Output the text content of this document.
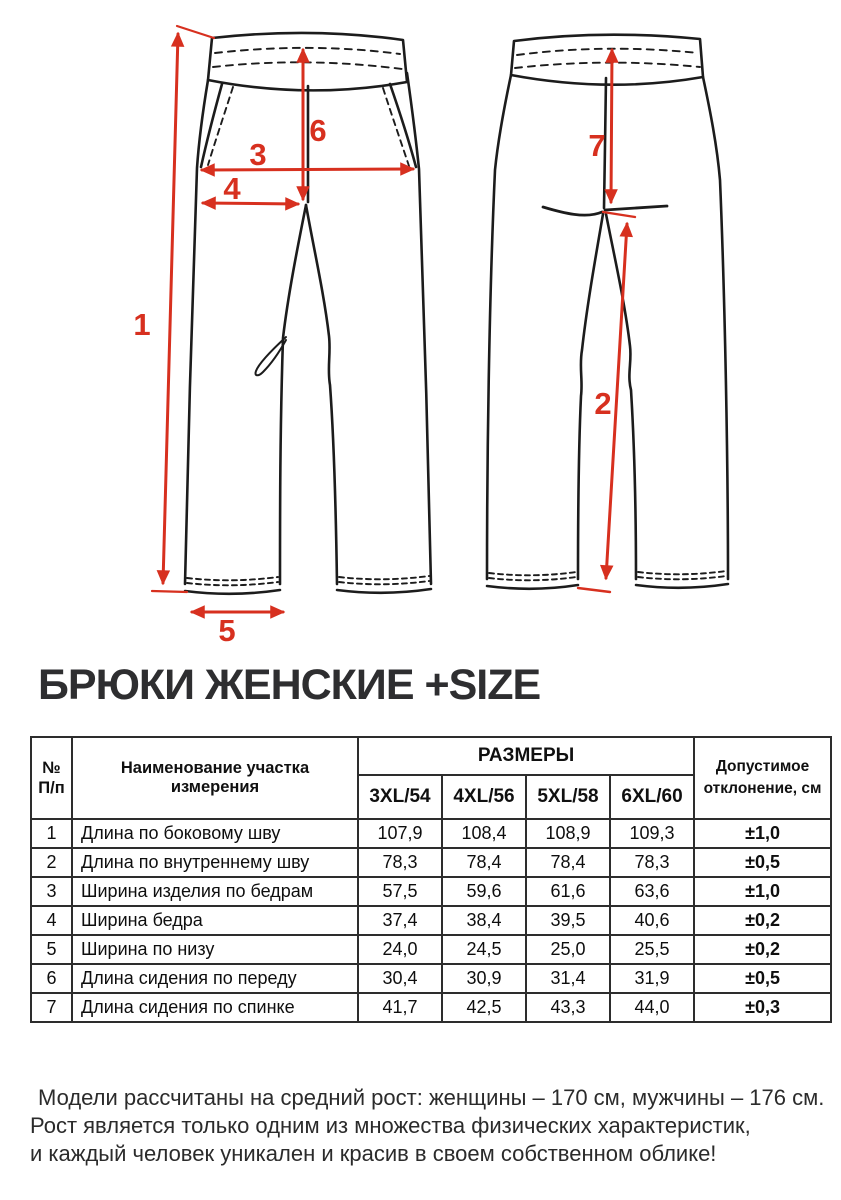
1
2
3
4
5
6	7
БРЮКИ ЖЕНСКИЕ +SIZE
№ П/п	Наименование участка измерения	РАЗМЕРЫ				Допустимое отклонение, см
		3XL/54	4XL/56	5XL/58	6XL/60	
1	Длина по боковому шву	107,9	108,4	108,9	109,3	±1,0
2	Длина по внутреннему шву	78,3	78,4	78,4	78,3	±0,5
3	Ширина изделия по бедрам	57,5	59,6	61,6	63,6	±1,0
4	Ширина бедра	37,4	38,4	39,5	40,6	±0,2
5	Ширина по низу	24,0	24,5	25,0	25,5	±0,2
6	Длина сидения по переду	30,4	30,9	31,4	31,9	±0,5
7	Длина сидения по спинке	41,7	42,5	43,3	44,0	±0,3

Модели рассчитаны на средний рост: женщины – 170 см, мужчины – 176 см.

Рост является только одним из множества физических характеристик,

и каждый человек уникален и красив в своем собственном облике!
